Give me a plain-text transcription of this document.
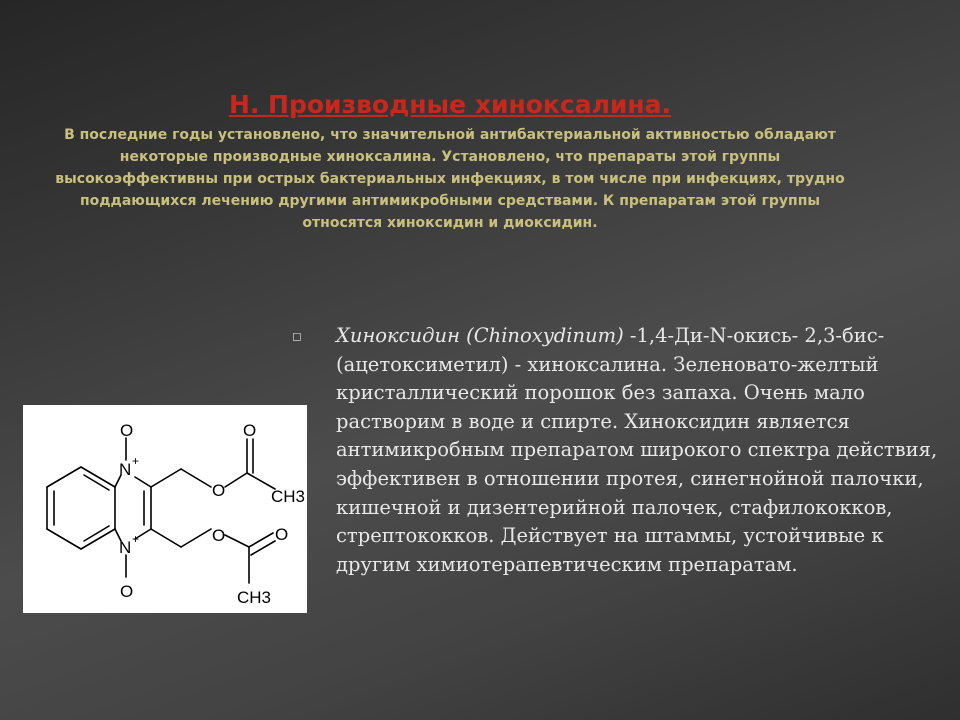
Н. Производные хиноксалина.

В последние годы установлено, что значительной антибактериальной активностью обладают некоторые производные хиноксалина. Установлено, что препараты этой группы высокоэффективны при острых бактериальных инфекциях, в том числе при инфекциях, трудно поддающихся лечению другими антимикробными средствами. К препаратам этой группы относятся хиноксидин и диоксидин.

◻	Хиноксидин (Chinoxydinum) -1,4-Ди-N-окись- 2,3-бис-(ацетоксиметил) - хиноксалина. Зеленовато-желтый кристаллический порошок без запаха. Очень мало растворим в воде и спирте. Хиноксидин является антимикробным препаратом широкого спектра действия, эффективен в отношении протея, синегнойной палочки, кишечной и дизентерийной палочек, стафилококков, стрептококков. Действует на штаммы, устойчивые к другим химиотерапевтическим препаратам.

O
N +
N +
O
O
O
CH3
O	O
CH3
